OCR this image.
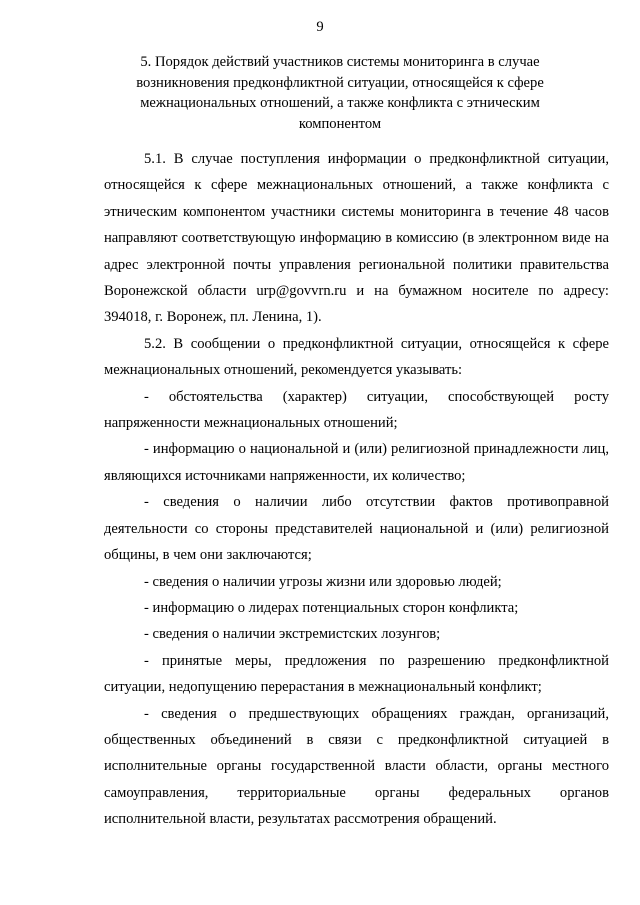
9
5. Порядок действий участников системы мониторинга в случае возникновения предконфликтной ситуации, относящейся к сфере межнациональных отношений, а также конфликта с этническим компонентом

5.1. В случае поступления информации о предконфликтной ситуации, относящейся к сфере межнациональных отношений, а также конфликта с этническим компонентом участники системы мониторинга в течение 48 часов направляют соответствующую информацию в комиссию (в электронном виде на адрес электронной почты управления региональной политики правительства Воронежской области urp@govvrn.ru и на бумажном носителе по адресу: 394018, г. Воронеж, пл. Ленина, 1).

5.2. В сообщении о предконфликтной ситуации, относящейся к сфере межнациональных отношений, рекомендуется указывать:

- обстоятельства (характер) ситуации, способствующей росту напряженности межнациональных отношений;

- информацию о национальной и (или) религиозной принадлежности лиц, являющихся источниками напряженности, их количество;

- сведения о наличии либо отсутствии фактов противоправной деятельности со стороны представителей национальной и (или) религиозной общины, в чем они заключаются;

- сведения о наличии угрозы жизни или здоровью людей;

- информацию о лидерах потенциальных сторон конфликта;

- сведения о наличии экстремистских лозунгов;

- принятые меры, предложения по разрешению предконфликтной ситуации, недопущению перерастания в межнациональный конфликт;

- сведения о предшествующих обращениях граждан, организаций, общественных объединений в связи с предконфликтной ситуацией в исполнительные органы государственной власти области, органы местного самоуправления, территориальные органы федеральных органов исполнительной власти, результатах рассмотрения обращений.
